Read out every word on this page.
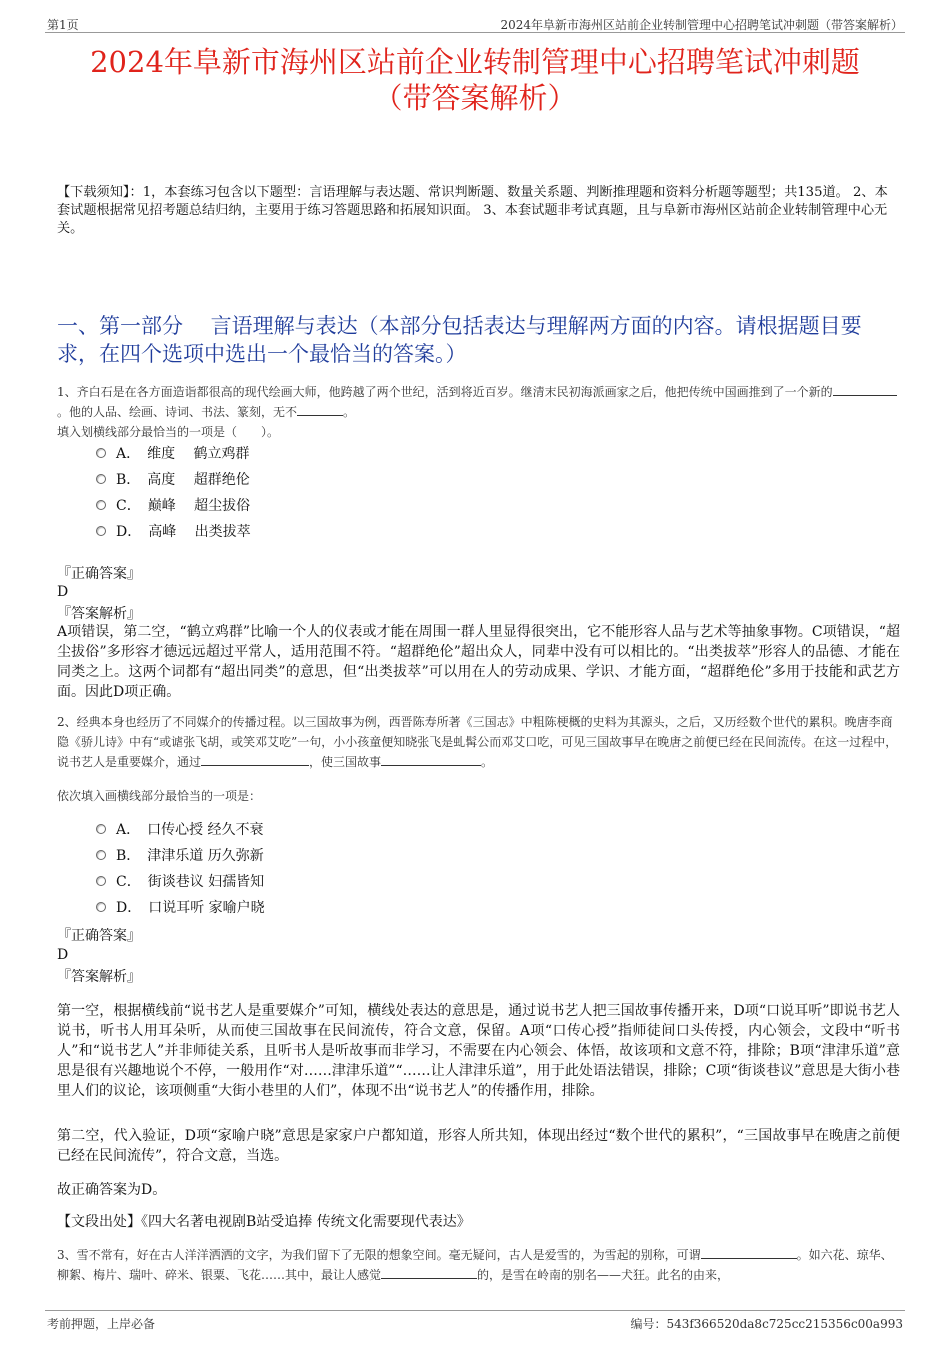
第1页	2024年阜新市海州区站前企业转制管理中心招聘笔试冲刺题（带答案解析）
2024年阜新市海州区站前企业转制管理中心招聘笔试冲刺题
（带答案解析）
【下载须知】：1，本套练习包含以下题型：言语理解与表达题、常识判断题、数量关系题、判断推理题和资料分析题等题型；共135道。 2、本套试题根据常见招考题总结归纳，主要用于练习答题思路和拓展知识面。 3、本套试题非考试真题，且与阜新市海州区站前企业转制管理中心无关。
一、第一部分　 言语理解与表达（本部分包括表达与理解两方面的内容。请根据题目要求，在四个选项中选出一个最恰当的答案。）
1、齐白石是在各方面造诣都很高的现代绘画大师，他跨越了两个世纪，活到将近百岁。继清末民初海派画家之后，他把传统中国画推到了一个新的。他的人品、绘画、诗词、书法、篆刻，无不	。
填入划横线部分最恰当的一项是（　　）。
A．　维度　 鹤立鸡群
B．　高度　 超群绝伦
C．　巅峰　 超尘拔俗
D．　高峰　 出类拔萃
『正确答案』
D
『答案解析』
A项错误，第二空，“鹤立鸡群”比喻一个人的仪表或才能在周围一群人里显得很突出，它不能形容人品与艺术等抽象事物。C项错误，“超尘拔俗”多形容才德远远超过平常人，适用范围不符。“超群绝伦”超出众人，同辈中没有可以相比的。“出类拔萃”形容人的品德、才能在同类之上。这两个词都有“超出同类”的意思，但“出类拔萃”可以用在人的劳动成果、学识、才能方面，“超群绝伦”多用于技能和武艺方面。因此D项正确。
2、经典本身也经历了不同媒介的传播过程。以三国故事为例，西晋陈寿所著《三国志》中粗陈梗概的史料为其源头，之后，又历经数个世代的累积。晚唐李商隐《骄儿诗》中有“或谑张飞胡，或笑邓艾吃”一句，小小孩童便知晓张飞是虬髯公而邓艾口吃，可见三国故事早在晚唐之前便已经在民间流传。在这一过程中，说书艺人是重要媒介，通过	，使三国故事	。
依次填入画横线部分最恰当的一项是：
A．　口传心授 经久不衰
B．　津津乐道 历久弥新
C．　街谈巷议 妇孺皆知
D．　口说耳听 家喻户晓
『正确答案』
D
『答案解析』
第一空，根据横线前“说书艺人是重要媒介”可知，横线处表达的意思是，通过说书艺人把三国故事传播开来，D项“口说耳听”即说书艺人说书，听书人用耳朵听，从而使三国故事在民间流传，符合文意，保留。A项“口传心授”指师徒间口头传授，内心领会，文段中“听书人”和“说书艺人”并非师徒关系，且听书人是听故事而非学习，不需要在内心领会、体悟，故该项和文意不符，排除；B项“津津乐道”意思是很有兴趣地说个不停，一般用作“对……津津乐道”“……让人津津乐道”，用于此处语法错误，排除；C项“街谈巷议”意思是大街小巷里人们的议论，该项侧重“大街小巷里的人们”，体现不出“说书艺人”的传播作用，排除。
第二空，代入验证，D项“家喻户晓”意思是家家户户都知道，形容人所共知，体现出经过“数个世代的累积”，“三国故事早在晚唐之前便已经在民间流传”，符合文意，当选。
故正确答案为D。
【文段出处】《四大名著电视剧B站受追捧 传统文化需要现代表达》
3、雪不常有，好在古人洋洋洒洒的文字，为我们留下了无限的想象空间。毫无疑问，古人是爱雪的，为雪起的别称，可谓	。如六花、琼华、柳絮、梅片、瑞叶、碎米、银粟、飞花……其中，最让人感觉	的，是雪在岭南的别名——犬狂。此名的由来，
考前押题，上岸必备	编号：543f366520da8c725cc215356c00a993
